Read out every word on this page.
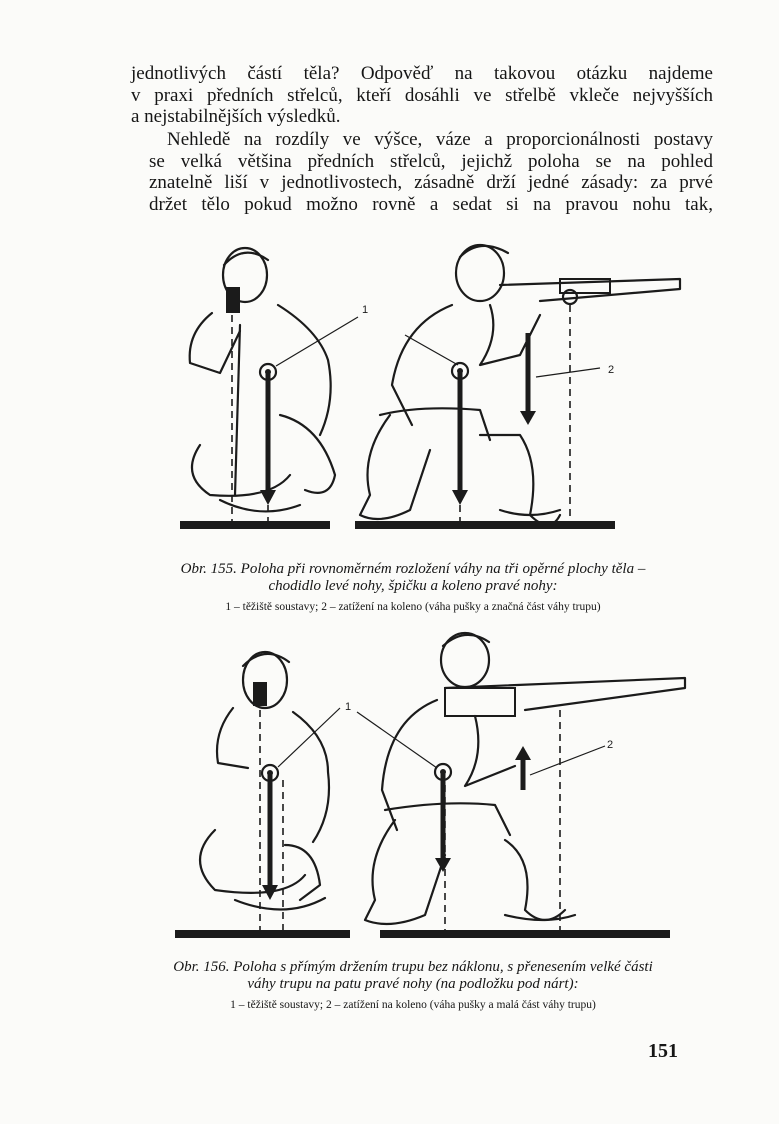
jednotlivých částí těla? Odpověď na takovou otázku najdeme
v praxi předních střelců, kteří dosáhli ve střelbě vkleče nejvyšších
a nejstabilnějších výsledků.
Nehledě na rozdíly ve výšce, váze a proporcionálnosti postavy
se velká většina předních střelců, jejichž poloha se na pohled
znatelně liší v jednotlivostech, zásadně drží jedné zásady: za prvé
držet tělo pokud možno rovně a sedat si na pravou nohu tak,
1
2

Obr. 155. Poloha při rovnoměrném rozložení váhy na tři opěrné plochy těla –
chodidlo levé nohy, špičku a koleno pravé nohy:

1 – těžiště soustavy; 2 – zatížení na koleno (váha pušky a značná část váhy trupu)

1
2

Obr. 156. Poloha s přímým držením trupu bez náklonu, s přenesením velké části
váhy trupu na patu pravé nohy (na podložku pod nárt):

1 – těžiště soustavy; 2 – zatížení na koleno (váha pušky a malá část váhy trupu)

151
